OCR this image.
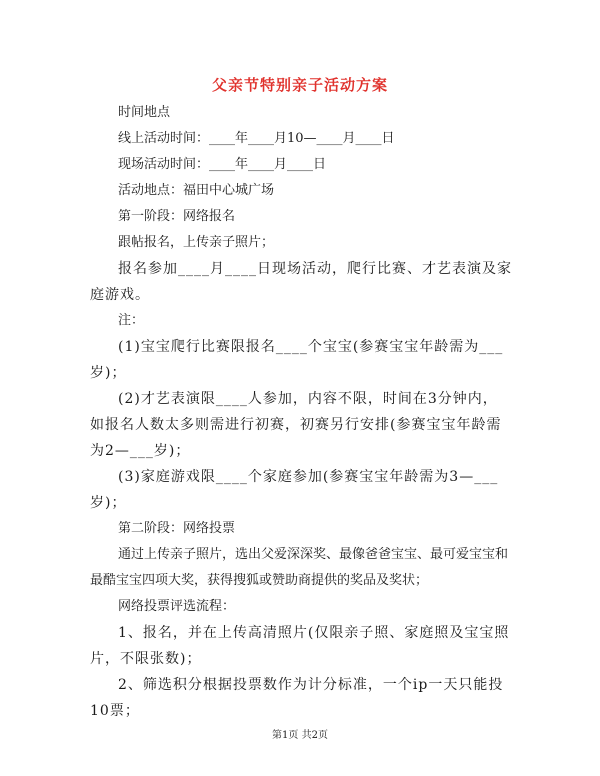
父亲节特别亲子活动方案

时间地点

线上活动时间：____年____月10—____月____日

现场活动时间：____年____月____日

活动地点：福田中心城广场

第一阶段：网络报名

跟帖报名，上传亲子照片；

报名参加____月____日现场活动，爬行比赛、才艺表演及家庭游戏。

注：

(1)宝宝爬行比赛限报名____个宝宝(参赛宝宝年龄需为___岁)；

(2)才艺表演限____人参加，内容不限，时间在3分钟内，如报名人数太多则需进行初赛，初赛另行安排(参赛宝宝年龄需为2—___岁)；

(3)家庭游戏限____个家庭参加(参赛宝宝年龄需为3—___岁)；

第二阶段：网络投票

通过上传亲子照片，选出父爱深深奖、最像爸爸宝宝、最可爱宝宝和最酷宝宝四项大奖，获得搜狐或赞助商提供的奖品及奖状；

网络投票评选流程：

1、报名，并在上传高清照片(仅限亲子照、家庭照及宝宝照片，不限张数)；

2、筛选积分根据投票数作为计分标准，一个ip一天只能投10票；

第1页 共2页
